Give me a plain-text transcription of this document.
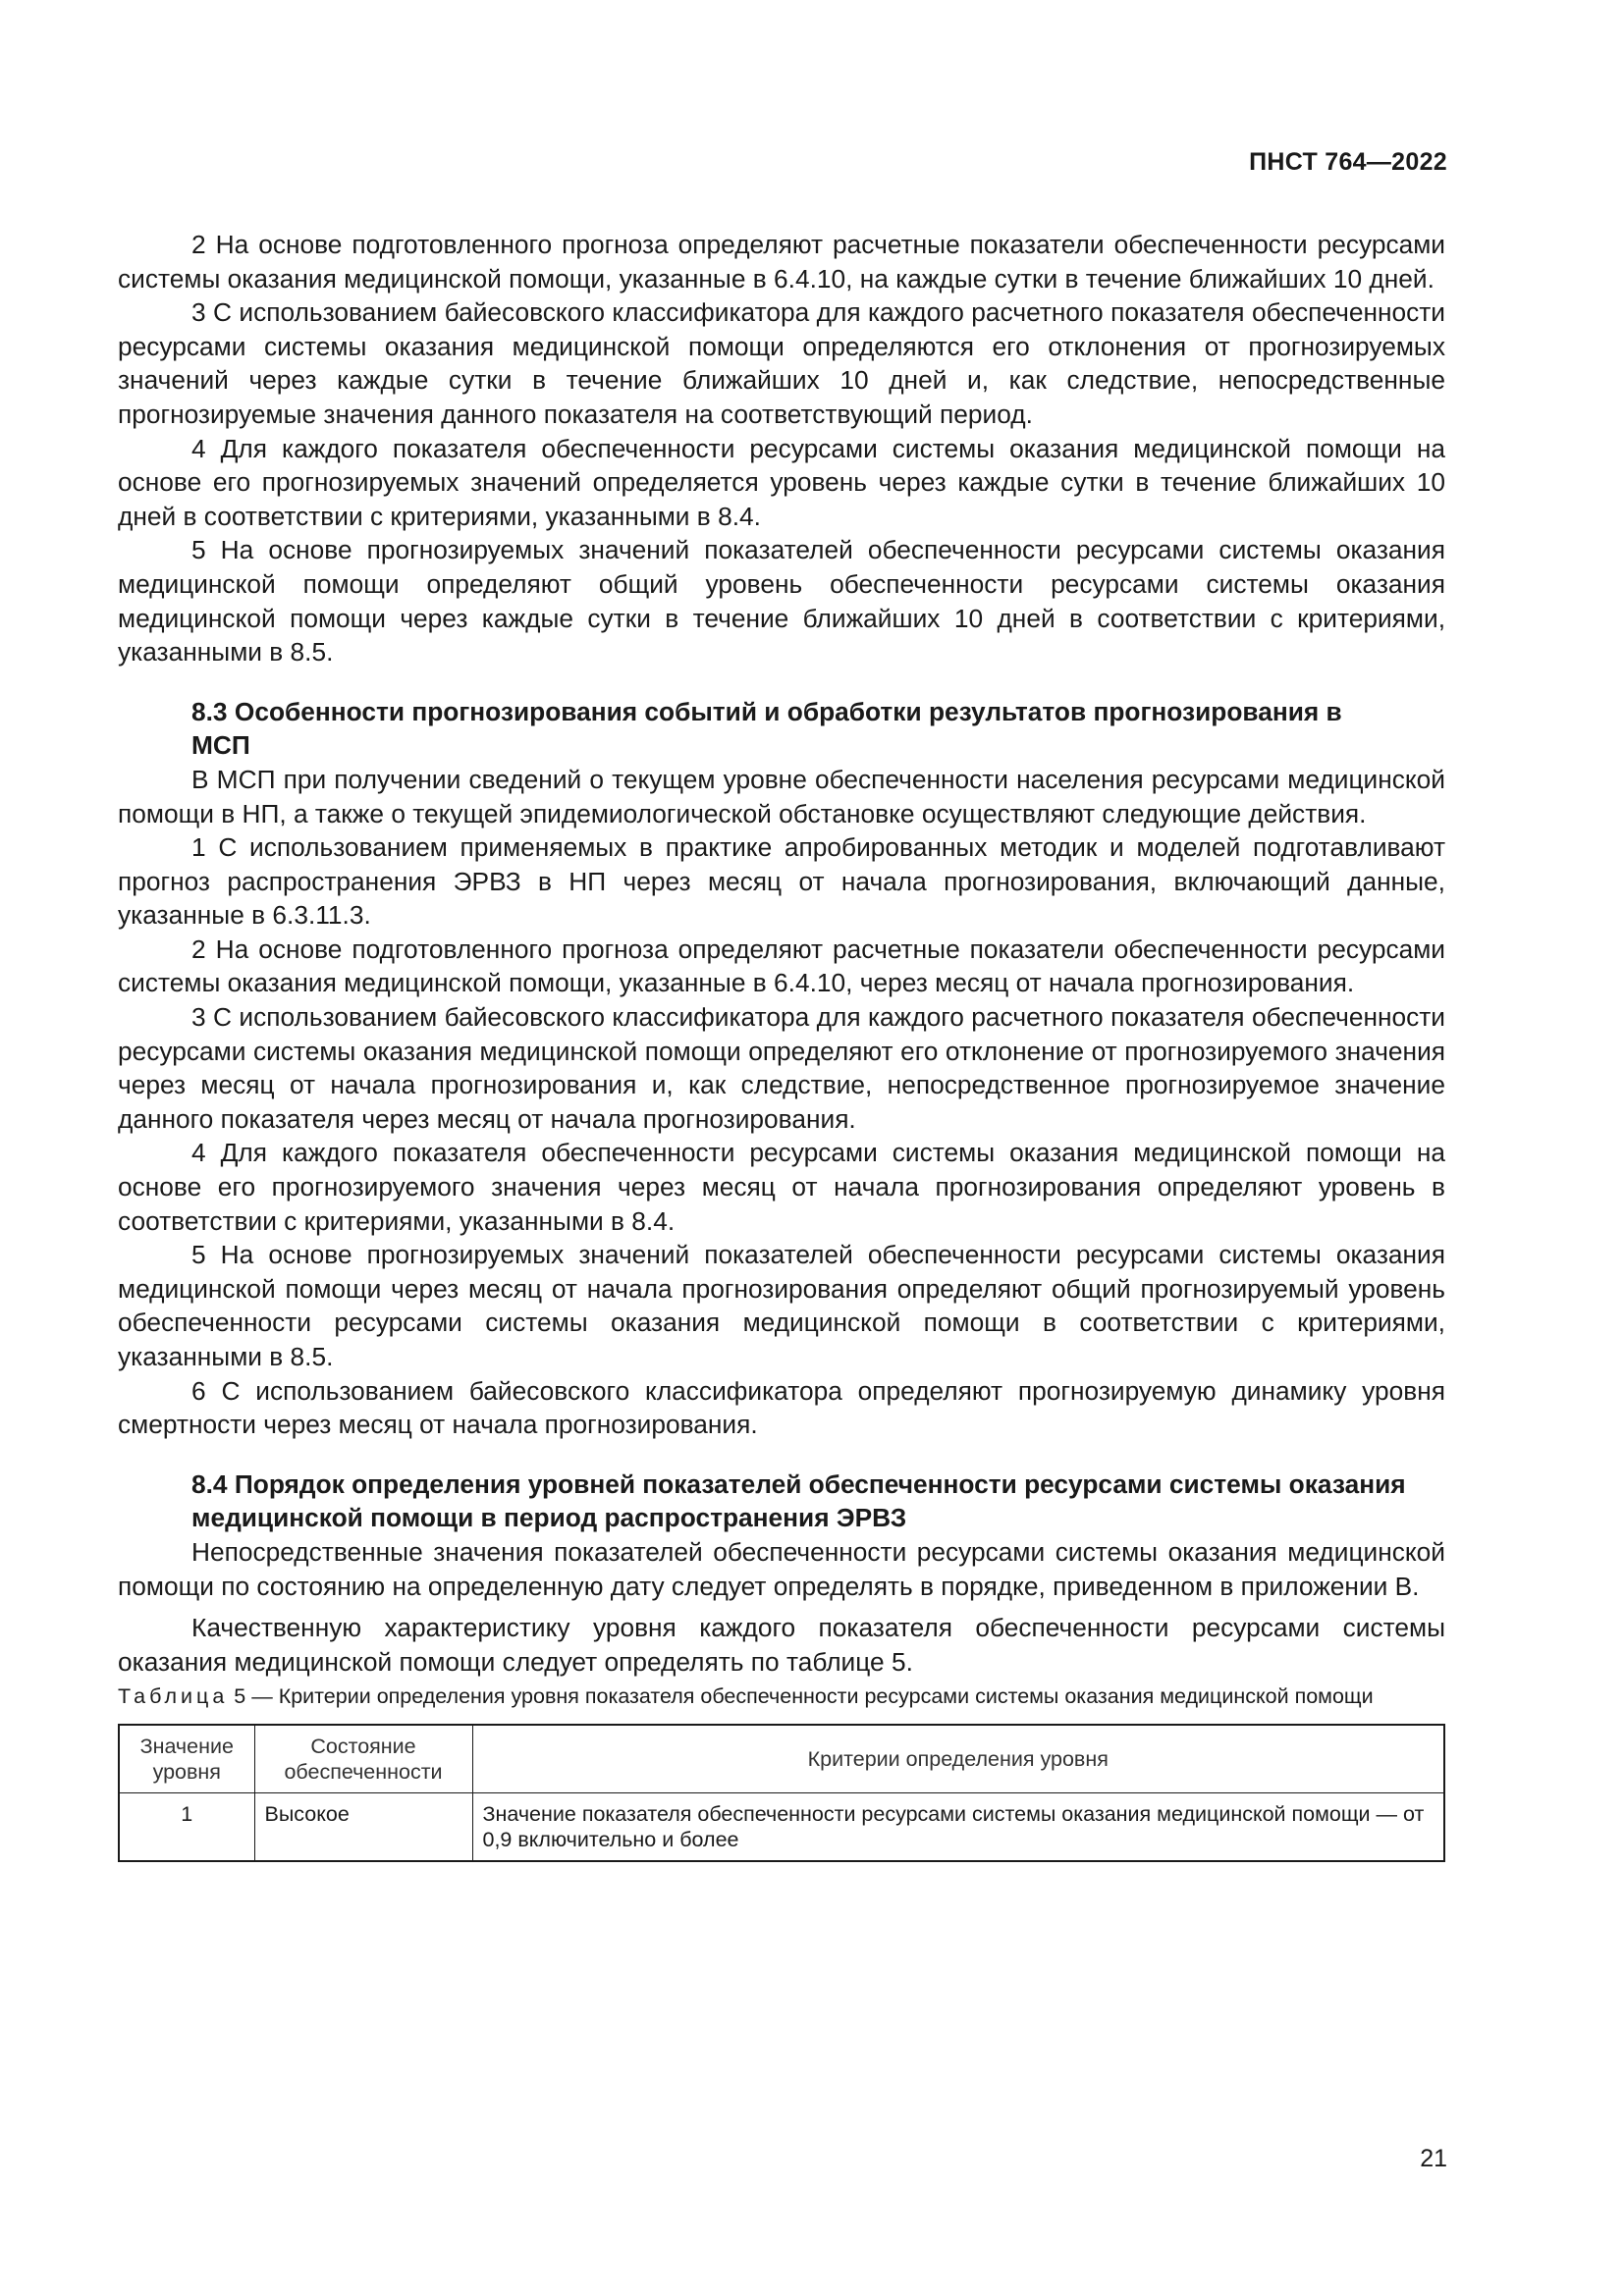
ПНСТ 764—2022

2 На основе подготовленного прогноза определяют расчетные показатели обеспеченности ресурсами системы оказания медицинской помощи, указанные в 6.4.10, на каждые сутки в течение ближайших 10 дней.

3 С использованием байесовского классификатора для каждого расчетного показателя обеспеченности ресурсами системы оказания медицинской помощи определяются его отклонения от прогнозируемых значений через каждые сутки в течение ближайших 10 дней и, как следствие, непосредственные прогнозируемые значения данного показателя на соответствующий период.

4 Для каждого показателя обеспеченности ресурсами системы оказания медицинской помощи на основе его прогнозируемых значений определяется уровень через каждые сутки в течение ближайших 10 дней в соответствии с критериями, указанными в 8.4.

5 На основе прогнозируемых значений показателей обеспеченности ресурсами системы оказания медицинской помощи определяют общий уровень обеспеченности ресурсами системы оказания медицинской помощи через каждые сутки в течение ближайших 10 дней в соответствии с критериями, указанными в 8.5.

8.3 Особенности прогнозирования событий и обработки результатов прогнозирования в МСП

В МСП при получении сведений о текущем уровне обеспеченности населения ресурсами медицинской помощи в НП, а также о текущей эпидемиологической обстановке осуществляют следующие действия.

1 С использованием применяемых в практике апробированных методик и моделей подготавливают прогноз распространения ЭРВЗ в НП через месяц от начала прогнозирования, включающий данные, указанные в 6.3.11.3.

2 На основе подготовленного прогноза определяют расчетные показатели обеспеченности ресурсами системы оказания медицинской помощи, указанные в 6.4.10, через месяц от начала прогнозирования.

3 С использованием байесовского классификатора для каждого расчетного показателя обеспеченности ресурсами системы оказания медицинской помощи определяют его отклонение от прогнозируемого значения через месяц от начала прогнозирования и, как следствие, непосредственное прогнозируемое значение данного показателя через месяц от начала прогнозирования.

4 Для каждого показателя обеспеченности ресурсами системы оказания медицинской помощи на основе его прогнозируемого значения через месяц от начала прогнозирования определяют уровень в соответствии с критериями, указанными в 8.4.

5 На основе прогнозируемых значений показателей обеспеченности ресурсами системы оказания медицинской помощи через месяц от начала прогнозирования определяют общий прогнозируемый уровень обеспеченности ресурсами системы оказания медицинской помощи в соответствии с критериями, указанными в 8.5.

6 С использованием байесовского классификатора определяют прогнозируемую динамику уровня смертности через месяц от начала прогнозирования.

8.4 Порядок определения уровней показателей обеспеченности ресурсами системы оказания медицинской помощи в период распространения ЭРВЗ

Непосредственные значения показателей обеспеченности ресурсами системы оказания медицинской помощи по состоянию на определенную дату следует определять в порядке, приведенном в приложении В.

Качественную характеристику уровня каждого показателя обеспеченности ресурсами системы оказания медицинской помощи следует определять по таблице 5.

Таблица 5 — Критерии определения уровня показателя обеспеченности ресурсами системы оказания медицинской помощи
Значение уровня	Состояние обеспеченности	Критерии определения уровня
1	Высокое	Значение показателя обеспеченности ресурсами системы оказания медицинской помощи — от 0,9 включительно и более
21
